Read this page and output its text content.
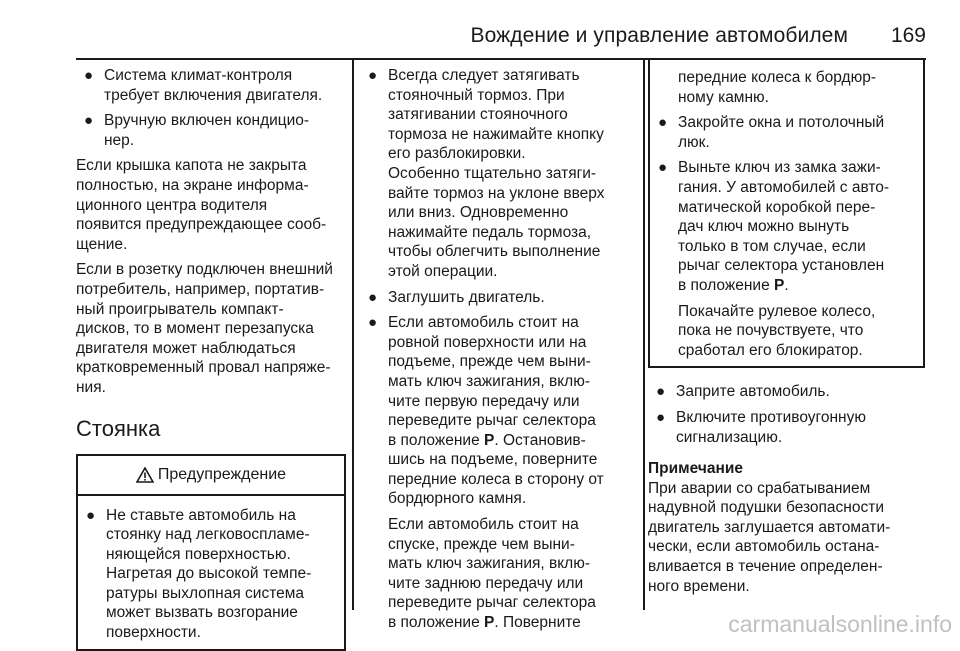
Вождение и управление автомобилем 169
● Система климат-контроля
требует включения двигателя.
● Вручную включен кондицио-
нер.

Если крышка капота не закрыта
полностью, на экране информа-
ционного центра водителя
появится предупреждающее сооб-
щение.

Если в розетку подключен внешний
потребитель, например, портатив-
ный проигрыватель компакт-
дисков, то в момент перезапуска
двигателя может наблюдаться
кратковременный провал напряже-
ния.

Стоянка
Предупреждение
● Не ставьте автомобиль на
стоянку над легковоспламе-
няющейся поверхностью.
Нагретая до высокой темпе-
ратуры выхлопная система
может вызвать возгорание
поверхности.
● Всегда следует затягивать
стояночный тормоз. При
затягивании стояночного
тормоза не нажимайте кнопку
его разблокировки.
Особенно тщательно затяги-
вайте тормоз на уклоне вверх
или вниз. Одновременно
нажимайте педаль тормоза,
чтобы облегчить выполнение
этой операции.
● Заглушить двигатель.
● Если автомобиль стоит на
ровной поверхности или на
подъеме, прежде чем выни-
мать ключ зажигания, вклю-
чите первую передачу или
переведите рычаг селектора
в положение P. Остановив-
шись на подъеме, поверните
передние колеса в сторону от
бордюрного камня.
Если автомобиль стоит на
спуске, прежде чем выни-
мать ключ зажигания, вклю-
чите заднюю передачу или
переведите рычаг селектора
в положение P. Поверните
передние колеса к бордюр-
ному камню.
● Закройте окна и потолочный
люк.
● Выньте ключ из замка зажи-
гания. У автомобилей с авто-
матической коробкой пере-
дач ключ можно вынуть
только в том случае, если
рычаг селектора установлен
в положение P.
Покачайте рулевое колесо,
пока не почувствуете, что
сработал его блокиратор.
● Заприте автомобиль.
● Включите противоугонную
сигнализацию.
Примечание

При аварии со срабатыванием
надувной подушки безопасности
двигатель заглушается автомати-
чески, если автомобиль остана-
вливается в течение определен-
ного времени.

carmanualsonline.info
